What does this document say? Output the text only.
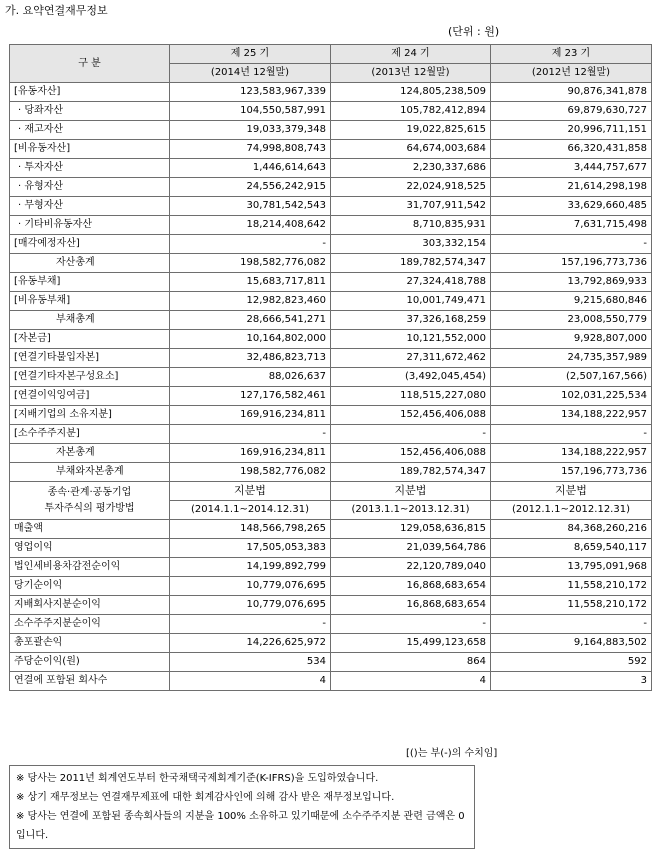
가. 요약연결재무정보
(단위 : 원)
구 분	제 25 기	제 24 기	제 23 기
	(2014년 12월말)	(2013년 12월말)	(2012년 12월말)
[유동자산]	123,583,967,339	124,805,238,509	90,876,341,878
· 당좌자산	104,550,587,991	105,782,412,894	69,879,630,727
· 재고자산	19,033,379,348	19,022,825,615	20,996,711,151
[비유동자산]	74,998,808,743	64,674,003,684	66,320,431,858
· 투자자산	1,446,614,643	2,230,337,686	3,444,757,677
· 유형자산	24,556,242,915	22,024,918,525	21,614,298,198
· 무형자산	30,781,542,543	31,707,911,542	33,629,660,485
· 기타비유동자산	18,214,408,642	8,710,835,931	7,631,715,498
[매각예정자산]	-	303,332,154	-
자산총계	198,582,776,082	189,782,574,347	157,196,773,736
[유동부채]	15,683,717,811	27,324,418,788	13,792,869,933
[비유동부채]	12,982,823,460	10,001,749,471	9,215,680,846
부채총계	28,666,541,271	37,326,168,259	23,008,550,779
[자본금]	10,164,802,000	10,121,552,000	9,928,807,000
[연결기타불입자본]	32,486,823,713	27,311,672,462	24,735,357,989
[연결기타자본구성요소]	88,026,637	(3,492,045,454)	(2,507,167,566)
[연결이익잉여금]	127,176,582,461	118,515,227,080	102,031,225,534
[지배기업의 소유지분]	169,916,234,811	152,456,406,088	134,188,222,957
[소수주주지분]	-	-	-
자본총계	169,916,234,811	152,456,406,088	134,188,222,957
부채와자본총계	198,582,776,082	189,782,574,347	157,196,773,736

종속·관계·공동기업
투자주식의 평가방법	지분법	지분법	지분법
	(2014.1.1~2014.12.31)	(2013.1.1~2013.12.31)	(2012.1.1~2012.12.31)
매출액	148,566,798,265	129,058,636,815	84,368,260,216
영업이익	17,505,053,383	21,039,564,786	8,659,540,117
법인세비용차감전순이익	14,199,892,799	22,120,789,040	13,795,091,968
당기순이익	10,779,076,695	16,868,683,654	11,558,210,172
지배회사지분순이익	10,779,076,695	16,868,683,654	11,558,210,172
소수주주지분순이익	-	-	-
총포괄손익	14,226,625,972	15,499,123,658	9,164,883,502
주당순이익(원)	534	864	592
연결에 포함된 회사수	4	4	3
[()는 부(-)의 수치임]
※ 당사는 2011년 회계연도부터 한국채택국제회계기준(K-IFRS)을 도입하였습니다.
※ 상기 재무정보는 연결재무제표에 대한 회계감사인에 의해 감사 받은 재무정보입니다.
※ 당사는 연결에 포함된 종속회사들의 지분을 100% 소유하고 있기때문에 소수주주지분 관련 금액은 0 입니다.
